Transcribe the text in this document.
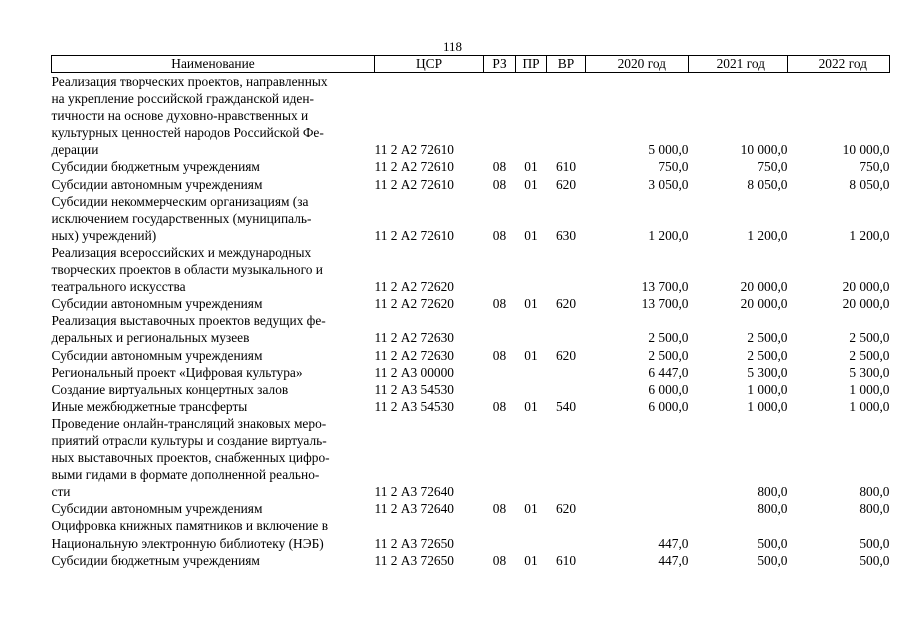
118
Наименование	ЦСР	РЗ	ПР	ВР	2020 год	2021 год	2022 год

Реализация творческих проектов, направленных
на укрепление российской гражданской иден-
тичности на основе духовно-нравственных и
культурных ценностей народов Российской Фе-
дерации	11 2 А2 72610				5 000,0	10 000,0	10 000,0

Субсидии бюджетным учреждениям	11 2 А2 72610	08	01	610	750,0	750,0	750,0

Субсидии автономным учреждениям	11 2 А2 72610	08	01	620	3 050,0	8 050,0	8 050,0

Субсидии некоммерческим организациям (за
исключением государственных (муниципаль-
ных) учреждений)	11 2 А2 72610	08	01	630	1 200,0	1 200,0	1 200,0

Реализация всероссийских и международных
творческих проектов в области музыкального и
театрального искусства	11 2 А2 72620				13 700,0	20 000,0	20 000,0

Субсидии автономным учреждениям	11 2 А2 72620	08	01	620	13 700,0	20 000,0	20 000,0

Реализация выставочных проектов ведущих фе-
деральных и региональных музеев	11 2 А2 72630				2 500,0	2 500,0	2 500,0

Субсидии автономным учреждениям	11 2 А2 72630	08	01	620	2 500,0	2 500,0	2 500,0

Региональный проект «Цифровая культура»	11 2 А3 00000				6 447,0	5 300,0	5 300,0

Создание виртуальных концертных залов	11 2 А3 54530				6 000,0	1 000,0	1 000,0

Иные межбюджетные трансферты	11 2 А3 54530	08	01	540	6 000,0	1 000,0	1 000,0

Проведение онлайн-трансляций знаковых меро-
приятий отрасли культуры и создание виртуаль-
ных выставочных проектов, снабженных цифро-
выми гидами в формате дополненной реально-
сти	11 2 А3 72640					800,0	800,0

Субсидии автономным учреждениям	11 2 А3 72640	08	01	620		800,0	800,0

Оцифровка книжных памятников и включение в
Национальную электронную библиотеку (НЭБ)	11 2 А3 72650				447,0	500,0	500,0

Субсидии бюджетным учреждениям	11 2 А3 72650	08	01	610	447,0	500,0	500,0
